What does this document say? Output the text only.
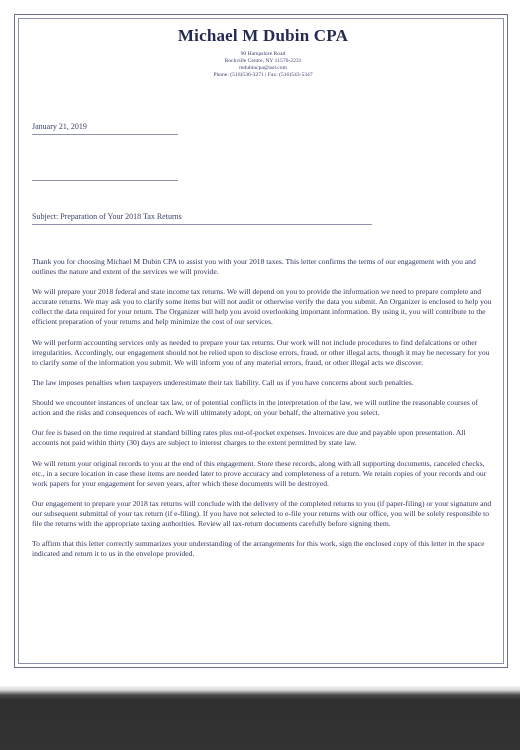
Michael M Dubin CPA
90 Hampshire Road
Rockville Centre, NY 11570-2231
mdubincpa@aol.com
Phone: (516)536-3271 | Fax: (516)543-5347
January 21, 2019
Subject: Preparation of Your 2018 Tax Returns

Thank you for choosing Michael M Dubin CPA to assist you with your 2018 taxes. This letter confirms the terms of our engagement with you and outlines the nature and extent of the services we will provide.

We will prepare your 2018 federal and state income tax returns. We will depend on you to provide the information we need to prepare complete and accurate returns. We may ask you to clarify some items but will not audit or otherwise verify the data you submit. An Organizer is enclosed to help you collect the data required for your return. The Organizer will help you avoid overlooking important information. By using it, you will contribute to the efficient preparation of your returns and help minimize the cost of our services.

We will perform accounting services only as needed to prepare your tax returns. Our work will not include procedures to find defalcations or other irregularities. Accordingly, our engagement should not be relied upon to disclose errors, fraud, or other illegal acts, though it may be necessary for you to clarify some of the information you submit. We will inform you of any material errors, fraud, or other illegal acts we discover.

The law imposes penalties when taxpayers underestimate their tax liability. Call us if you have concerns about such penalties.

Should we encounter instances of unclear tax law, or of potential conflicts in the interpretation of the law, we will outline the reasonable courses of action and the risks and consequences of each. We will ultimately adopt, on your behalf, the alternative you select.

Our fee is based on the time required at standard billing rates plus out-of-pocket expenses. Invoices are due and payable upon presentation. All accounts not paid within thirty (30) days are subject to interest charges to the extent permitted by state law.

We will return your original records to you at the end of this engagement. Store these records, along with all supporting documents, canceled checks, etc., in a secure location in case these items are needed later to prove accuracy and completeness of a return. We retain copies of your records and our work papers for your engagement for seven years, after which these documents will be destroyed.

Our engagement to prepare your 2018 tax returns will conclude with the delivery of the completed returns to you (if paper-filing) or your signature and our subsequent submittal of your tax return (if e-filing). If you have not selected to e-file your returns with our office, you will be solely responsible to file the returns with the appropriate taxing authorities. Review all tax-return documents carefully before signing them.

To affirm that this letter correctly summarizes your understanding of the arrangements for this work, sign the enclosed copy of this letter in the space indicated and return it to us in the envelope provided.
